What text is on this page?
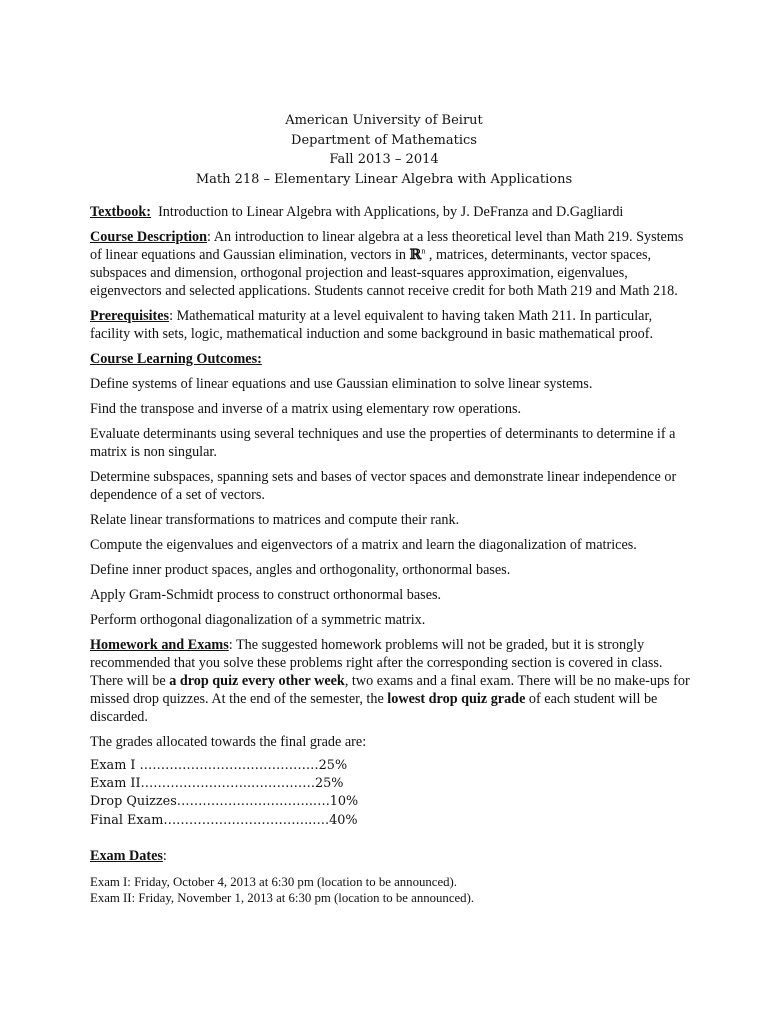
American University of Beirut
Department of Mathematics
Fall 2013 – 2014
Math 218 – Elementary Linear Algebra with Applications

Textbook: Introduction to Linear Algebra with Applications, by J. DeFranza and D.Gagliardi

Course Description: An introduction to linear algebra at a less theoretical level than Math 219. Systems of linear equations and Gaussian elimination, vectors in ℝ$^n$ , matrices, determinants, vector spaces, subspaces and dimension, orthogonal projection and least-squares approximation, eigenvalues, eigenvectors and selected applications. Students cannot receive credit for both Math 219 and Math 218.

Prerequisites: Mathematical maturity at a level equivalent to having taken Math 211. In particular, facility with sets, logic, mathematical induction and some background in basic mathematical proof.

Course Learning Outcomes:

Define systems of linear equations and use Gaussian elimination to solve linear systems.

Find the transpose and inverse of a matrix using elementary row operations.

Evaluate determinants using several techniques and use the properties of determinants to determine if a matrix is non singular.

Determine subspaces, spanning sets and bases of vector spaces and demonstrate linear independence or dependence of a set of vectors.

Relate linear transformations to matrices and compute their rank.

Compute the eigenvalues and eigenvectors of a matrix and learn the diagonalization of matrices.

Define inner product spaces, angles and orthogonality, orthonormal bases.

Apply Gram-Schmidt process to construct orthonormal bases.

Perform orthogonal diagonalization of a symmetric matrix.

Homework and Exams: The suggested homework problems will not be graded, but it is strongly recommended that you solve these problems right after the corresponding section is covered in class. There will be a drop quiz every other week, two exams and a final exam. There will be no make-ups for missed drop quizzes. At the end of the semester, the lowest drop quiz grade of each student will be discarded.

The grades allocated towards the final grade are:

Exam I ……………………………………25%
Exam II……………………..……………25%
Drop Quizzes…………………………..….10%
Final Exam……………………………..….40%

Exam Dates:

Exam I: Friday, October 4, 2013 at 6:30 pm (location to be announced).
Exam II: Friday, November 1, 2013 at 6:30 pm (location to be announced).
